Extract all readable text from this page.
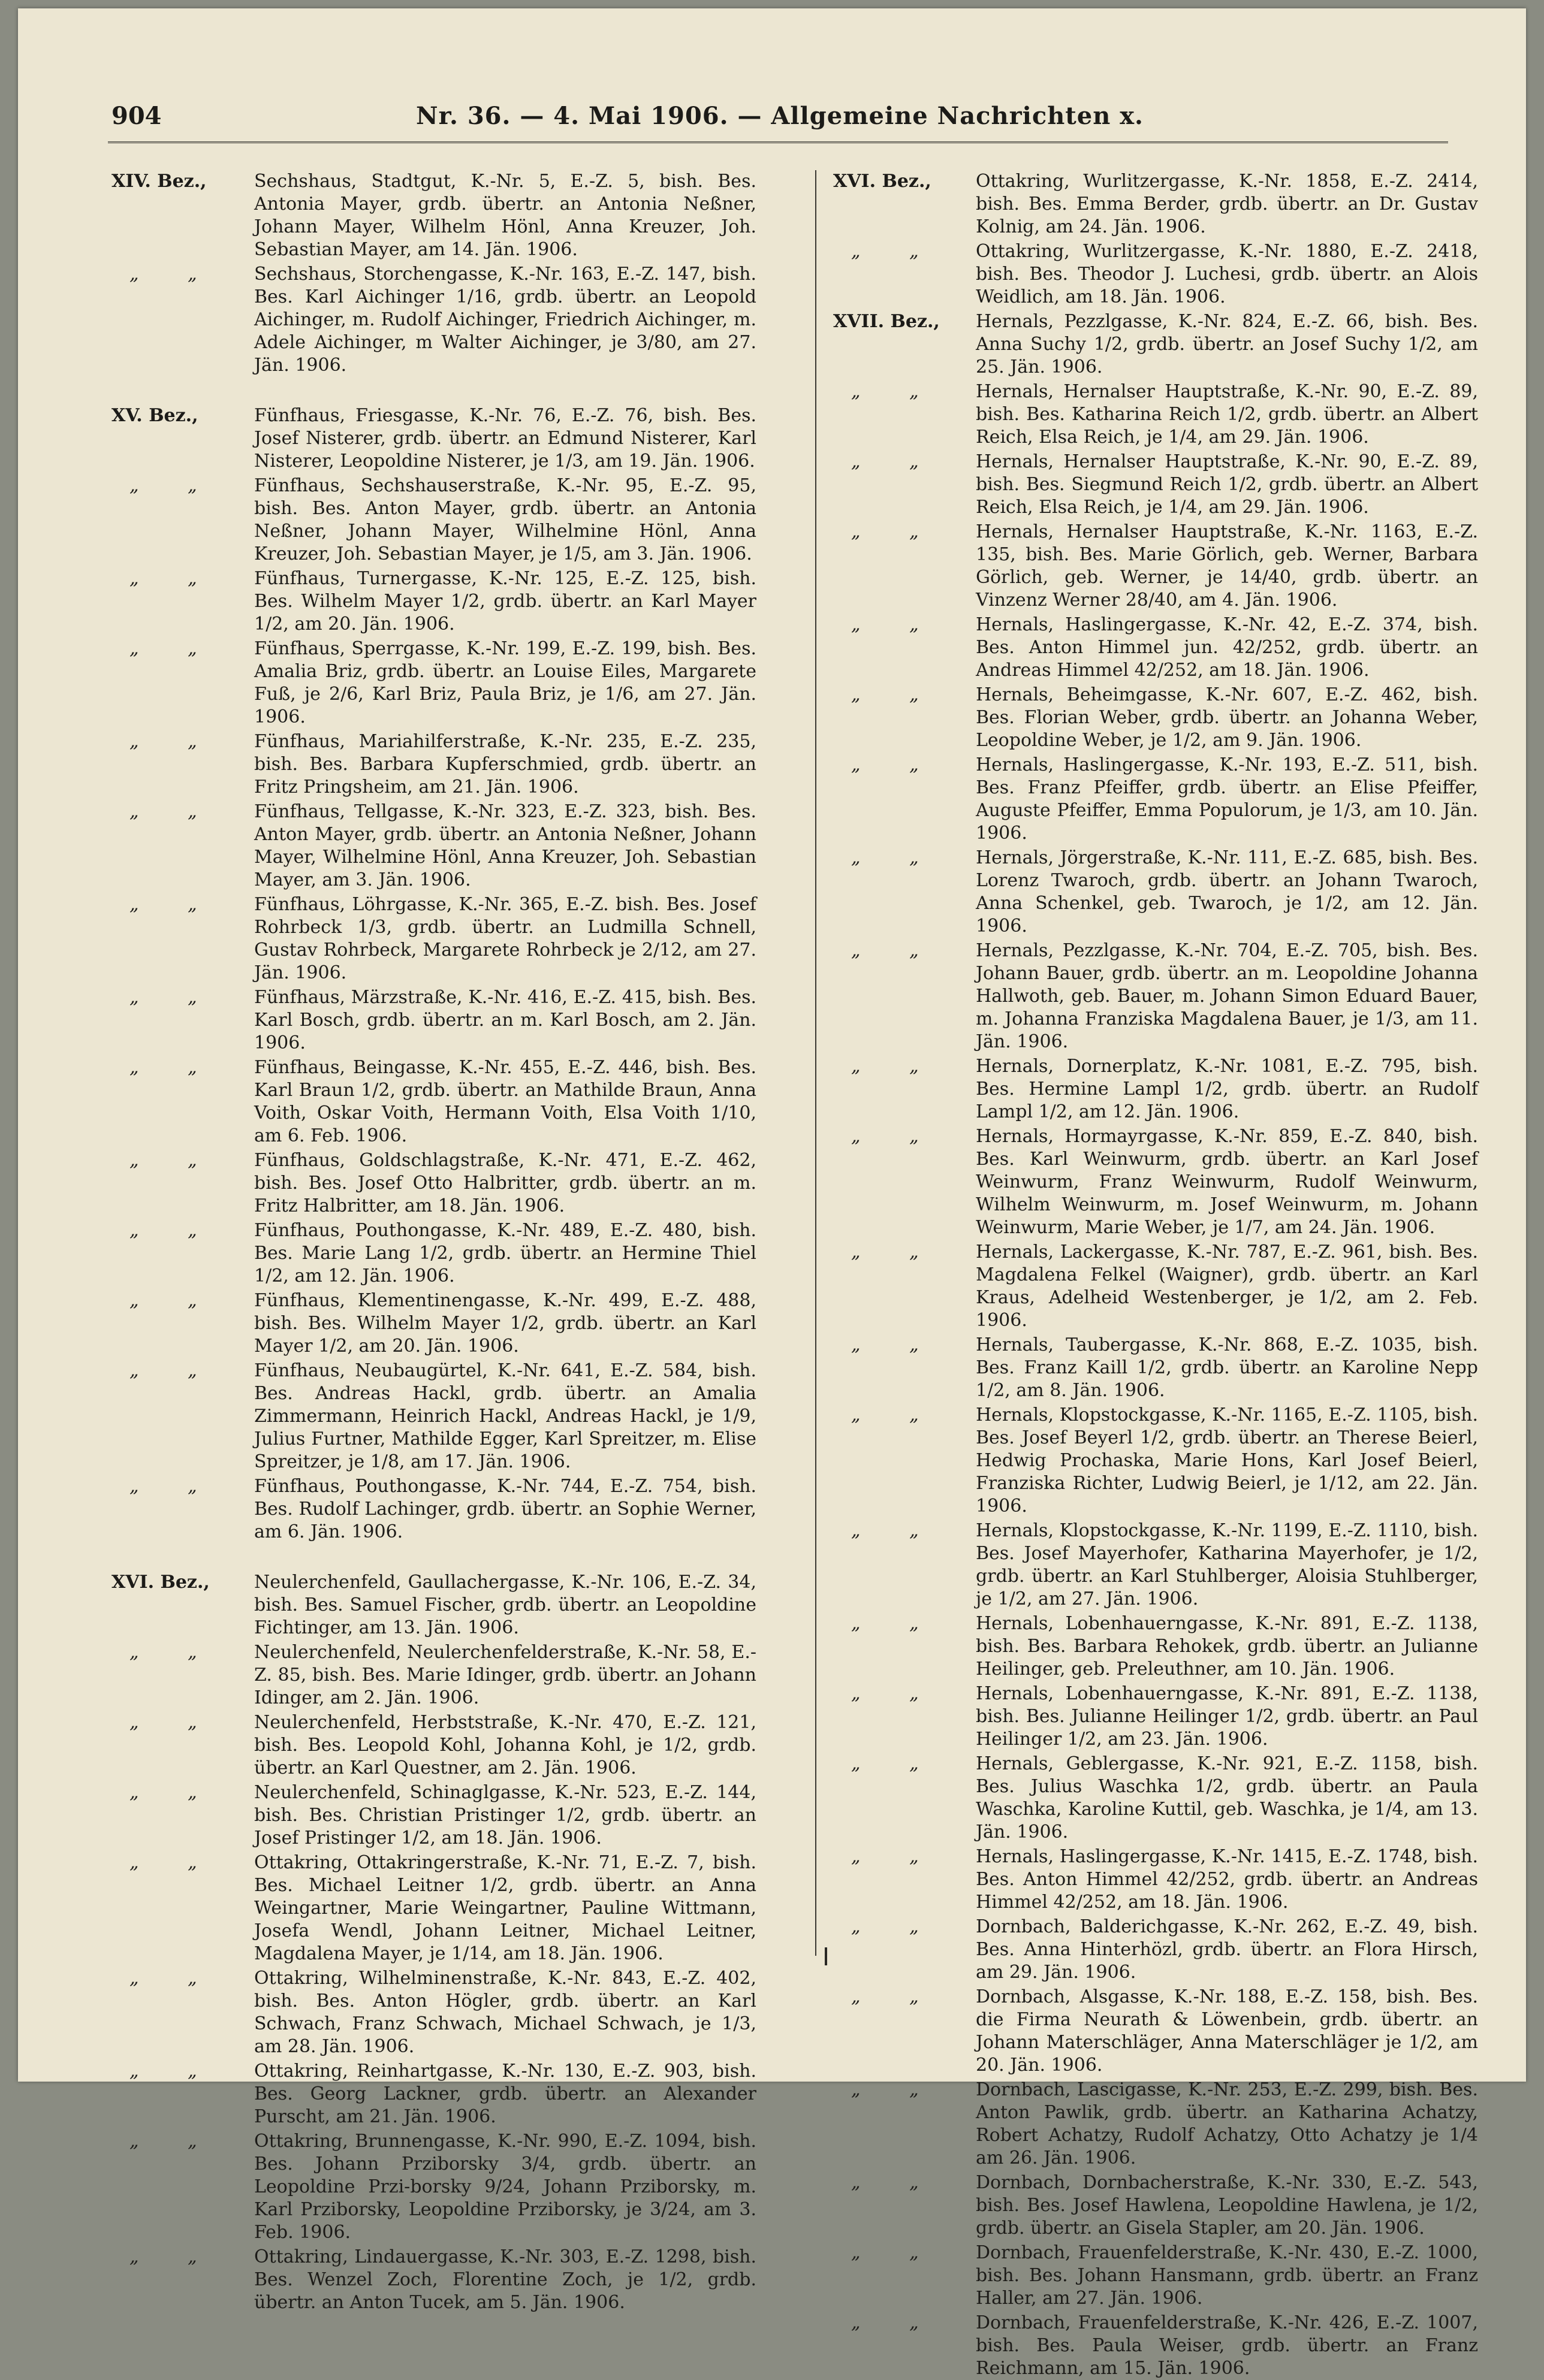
904	Nr. 36. — 4. Mai 1906. — Allgemeine Nachrichten x.
XIV. Bez.,	Sechshaus, Stadtgut, K.-Nr. 5, E.-Z. 5, bish. Bes. Antonia Mayer, grdb. übertr. an Antonia Neßner, Johann Mayer, Wilhelm Hönl, Anna Kreuzer, Joh. Sebastian Mayer, am 14. Jän. 1906.
„ „	Sechshaus, Storchengasse, K.-Nr. 163, E.-Z. 147, bish. Bes. Karl Aichinger 1/16, grdb. übertr. an Leopold Aichinger, m. Rudolf Aichinger, Friedrich Aichinger, m. Adele Aichinger, m Walter Aichinger, je 3/80, am 27. Jän. 1906.
XV. Bez.,	Fünfhaus, Friesgasse, K.-Nr. 76, E.-Z. 76, bish. Bes. Josef Nisterer, grdb. übertr. an Edmund Nisterer, Karl Nisterer, Leopoldine Nisterer, je 1/3, am 19. Jän. 1906.
„ „	Fünfhaus, Sechshauserstraße, K.-Nr. 95, E.-Z. 95, bish. Bes. Anton Mayer, grdb. übertr. an Antonia Neßner, Johann Mayer, Wilhelmine Hönl, Anna Kreuzer, Joh. Sebastian Mayer, je 1/5, am 3. Jän. 1906.
„ „	Fünfhaus, Turnergasse, K.-Nr. 125, E.-Z. 125, bish. Bes. Wilhelm Mayer 1/2, grdb. übertr. an Karl Mayer 1/2, am 20. Jän. 1906.
„ „	Fünfhaus, Sperrgasse, K.-Nr. 199, E.-Z. 199, bish. Bes. Amalia Briz, grdb. übertr. an Louise Eiles, Margarete Fuß, je 2/6, Karl Briz, Paula Briz, je 1/6, am 27. Jän. 1906.
„ „	Fünfhaus, Mariahilferstraße, K.-Nr. 235, E.-Z. 235, bish. Bes. Barbara Kupferschmied, grdb. übertr. an Fritz Pringsheim, am 21. Jän. 1906.
„ „	Fünfhaus, Tellgasse, K.-Nr. 323, E.-Z. 323, bish. Bes. Anton Mayer, grdb. übertr. an Antonia Neßner, Johann Mayer, Wilhelmine Hönl, Anna Kreuzer, Joh. Sebastian Mayer, am 3. Jän. 1906.
„ „	Fünfhaus, Löhrgasse, K.-Nr. 365, E.-Z. bish. Bes. Josef Rohrbeck 1/3, grdb. übertr. an Ludmilla Schnell, Gustav Rohrbeck, Margarete Rohrbeck je 2/12, am 27. Jän. 1906.
„ „	Fünfhaus, Märzstraße, K.-Nr. 416, E.-Z. 415, bish. Bes. Karl Bosch, grdb. übertr. an m. Karl Bosch, am 2. Jän. 1906.
„ „	Fünfhaus, Beingasse, K.-Nr. 455, E.-Z. 446, bish. Bes. Karl Braun 1/2, grdb. übertr. an Mathilde Braun, Anna Voith, Oskar Voith, Hermann Voith, Elsa Voith 1/10, am 6. Feb. 1906.
„ „	Fünfhaus, Goldschlagstraße, K.-Nr. 471, E.-Z. 462, bish. Bes. Josef Otto Halbritter, grdb. übertr. an m. Fritz Halbritter, am 18. Jän. 1906.
„ „	Fünfhaus, Pouthongasse, K.-Nr. 489, E.-Z. 480, bish. Bes. Marie Lang 1/2, grdb. übertr. an Hermine Thiel 1/2, am 12. Jän. 1906.
„ „	Fünfhaus, Klementinengasse, K.-Nr. 499, E.-Z. 488, bish. Bes. Wilhelm Mayer 1/2, grdb. übertr. an Karl Mayer 1/2, am 20. Jän. 1906.
„ „	Fünfhaus, Neubaugürtel, K.-Nr. 641, E.-Z. 584, bish. Bes. Andreas Hackl, grdb. übertr. an Amalia Zimmermann, Heinrich Hackl, Andreas Hackl, je 1/9, Julius Furtner, Mathilde Egger, Karl Spreitzer, m. Elise Spreitzer, je 1/8, am 17. Jän. 1906.
„ „	Fünfhaus, Pouthongasse, K.-Nr. 744, E.-Z. 754, bish. Bes. Rudolf Lachinger, grdb. übertr. an Sophie Werner, am 6. Jän. 1906.
XVI. Bez.,	Neulerchenfeld, Gaullachergasse, K.-Nr. 106, E.-Z. 34, bish. Bes. Samuel Fischer, grdb. übertr. an Leopoldine Fichtinger, am 13. Jän. 1906.
„ „	Neulerchenfeld, Neulerchenfelderstraße, K.-Nr. 58, E.-Z. 85, bish. Bes. Marie Idinger, grdb. übertr. an Johann Idinger, am 2. Jän. 1906.
„ „	Neulerchenfeld, Herbststraße, K.-Nr. 470, E.-Z. 121, bish. Bes. Leopold Kohl, Johanna Kohl, je 1/2, grdb. übertr. an Karl Questner, am 2. Jän. 1906.
„ „	Neulerchenfeld, Schinaglgasse, K.-Nr. 523, E.-Z. 144, bish. Bes. Christian Pristinger 1/2, grdb. übertr. an Josef Pristinger 1/2, am 18. Jän. 1906.
„ „	Ottakring, Ottakringerstraße, K.-Nr. 71, E.-Z. 7, bish. Bes. Michael Leitner 1/2, grdb. übertr. an Anna Weingartner, Marie Weingartner, Pauline Wittmann, Josefa Wendl, Johann Leitner, Michael Leitner, Magdalena Mayer, je 1/14, am 18. Jän. 1906.
„ „	Ottakring, Wilhelminenstraße, K.-Nr. 843, E.-Z. 402, bish. Bes. Anton Högler, grdb. übertr. an Karl Schwach, Franz Schwach, Michael Schwach, je 1/3, am 28. Jän. 1906.
„ „	Ottakring, Reinhartgasse, K.-Nr. 130, E.-Z. 903, bish. Bes. Georg Lackner, grdb. übertr. an Alexander Purscht, am 21. Jän. 1906.
„ „	Ottakring, Brunnengasse, K.-Nr. 990, E.-Z. 1094, bish. Bes. Johann Prziborsky 3/4, grdb. übertr. an Leopoldine Przi-borsky 9/24, Johann Prziborsky, m. Karl Prziborsky, Leopoldine Prziborsky, je 3/24, am 3. Feb. 1906.
„ „	Ottakring, Lindauergasse, K.-Nr. 303, E.-Z. 1298, bish. Bes. Wenzel Zoch, Florentine Zoch, je 1/2, grdb. übertr. an Anton Tucek, am 5. Jän. 1906.
XVI. Bez.,	Ottakring, Wurlitzergasse, K.-Nr. 1858, E.-Z. 2414, bish. Bes. Emma Berder, grdb. übertr. an Dr. Gustav Kolnig, am 24. Jän. 1906.
„ „	Ottakring, Wurlitzergasse, K.-Nr. 1880, E.-Z. 2418, bish. Bes. Theodor J. Luchesi, grdb. übertr. an Alois Weidlich, am 18. Jän. 1906.
XVII. Bez.,	Hernals, Pezzlgasse, K.-Nr. 824, E.-Z. 66, bish. Bes. Anna Suchy 1/2, grdb. übertr. an Josef Suchy 1/2, am 25. Jän. 1906.
„ „	Hernals, Hernalser Hauptstraße, K.-Nr. 90, E.-Z. 89, bish. Bes. Katharina Reich 1/2, grdb. übertr. an Albert Reich, Elsa Reich, je 1/4, am 29. Jän. 1906.
„ „	Hernals, Hernalser Hauptstraße, K.-Nr. 90, E.-Z. 89, bish. Bes. Siegmund Reich 1/2, grdb. übertr. an Albert Reich, Elsa Reich, je 1/4, am 29. Jän. 1906.
„ „	Hernals, Hernalser Hauptstraße, K.-Nr. 1163, E.-Z. 135, bish. Bes. Marie Görlich, geb. Werner, Barbara Görlich, geb. Werner, je 14/40, grdb. übertr. an Vinzenz Werner 28/40, am 4. Jän. 1906.
„ „	Hernals, Haslingergasse, K.-Nr. 42, E.-Z. 374, bish. Bes. Anton Himmel jun. 42/252, grdb. übertr. an Andreas Himmel 42/252, am 18. Jän. 1906.
„ „	Hernals, Beheimgasse, K.-Nr. 607, E.-Z. 462, bish. Bes. Florian Weber, grdb. übertr. an Johanna Weber, Leopoldine Weber, je 1/2, am 9. Jän. 1906.
„ „	Hernals, Haslingergasse, K.-Nr. 193, E.-Z. 511, bish. Bes. Franz Pfeiffer, grdb. übertr. an Elise Pfeiffer, Auguste Pfeiffer, Emma Populorum, je 1/3, am 10. Jän. 1906.
„ „	Hernals, Jörgerstraße, K.-Nr. 111, E.-Z. 685, bish. Bes. Lorenz Twaroch, grdb. übertr. an Johann Twaroch, Anna Schenkel, geb. Twaroch, je 1/2, am 12. Jän. 1906.
„ „	Hernals, Pezzlgasse, K.-Nr. 704, E.-Z. 705, bish. Bes. Johann Bauer, grdb. übertr. an m. Leopoldine Johanna Hallwoth, geb. Bauer, m. Johann Simon Eduard Bauer, m. Johanna Franziska Magdalena Bauer, je 1/3, am 11. Jän. 1906.
„ „	Hernals, Dornerplatz, K.-Nr. 1081, E.-Z. 795, bish. Bes. Hermine Lampl 1/2, grdb. übertr. an Rudolf Lampl 1/2, am 12. Jän. 1906.
„ „	Hernals, Hormayrgasse, K.-Nr. 859, E.-Z. 840, bish. Bes. Karl Weinwurm, grdb. übertr. an Karl Josef Weinwurm, Franz Weinwurm, Rudolf Weinwurm, Wilhelm Weinwurm, m. Josef Weinwurm, m. Johann Weinwurm, Marie Weber, je 1/7, am 24. Jän. 1906.
„ „	Hernals, Lackergasse, K.-Nr. 787, E.-Z. 961, bish. Bes. Magdalena Felkel (Waigner), grdb. übertr. an Karl Kraus, Adelheid Westenberger, je 1/2, am 2. Feb. 1906.
„ „	Hernals, Taubergasse, K.-Nr. 868, E.-Z. 1035, bish. Bes. Franz Kaill 1/2, grdb. übertr. an Karoline Nepp 1/2, am 8. Jän. 1906.
„ „	Hernals, Klopstockgasse, K.-Nr. 1165, E.-Z. 1105, bish. Bes. Josef Beyerl 1/2, grdb. übertr. an Therese Beierl, Hedwig Prochaska, Marie Hons, Karl Josef Beierl, Franziska Richter, Ludwig Beierl, je 1/12, am 22. Jän. 1906.
„ „	Hernals, Klopstockgasse, K.-Nr. 1199, E.-Z. 1110, bish. Bes. Josef Mayerhofer, Katharina Mayerhofer, je 1/2, grdb. übertr. an Karl Stuhlberger, Aloisia Stuhlberger, je 1/2, am 27. Jän. 1906.
„ „	Hernals, Lobenhauerngasse, K.-Nr. 891, E.-Z. 1138, bish. Bes. Barbara Rehokek, grdb. übertr. an Julianne Heilinger, geb. Preleuthner, am 10. Jän. 1906.
„ „	Hernals, Lobenhauerngasse, K.-Nr. 891, E.-Z. 1138, bish. Bes. Julianne Heilinger 1/2, grdb. übertr. an Paul Heilinger 1/2, am 23. Jän. 1906.
„ „	Hernals, Geblergasse, K.-Nr. 921, E.-Z. 1158, bish. Bes. Julius Waschka 1/2, grdb. übertr. an Paula Waschka, Karoline Kuttil, geb. Waschka, je 1/4, am 13. Jän. 1906.
„ „	Hernals, Haslingergasse, K.-Nr. 1415, E.-Z. 1748, bish. Bes. Anton Himmel 42/252, grdb. übertr. an Andreas Himmel 42/252, am 18. Jän. 1906.
„ „	Dornbach, Balderichgasse, K.-Nr. 262, E.-Z. 49, bish. Bes. Anna Hinterhözl, grdb. übertr. an Flora Hirsch, am 29. Jän. 1906.
„ „	Dornbach, Alsgasse, K.-Nr. 188, E.-Z. 158, bish. Bes. die Firma Neurath & Löwenbein, grdb. übertr. an Johann Materschläger, Anna Materschläger je 1/2, am 20. Jän. 1906.
„ „	Dornbach, Lascigasse, K.-Nr. 253, E.-Z. 299, bish. Bes. Anton Pawlik, grdb. übertr. an Katharina Achatzy, Robert Achatzy, Rudolf Achatzy, Otto Achatzy je 1/4 am 26. Jän. 1906.
„ „	Dornbach, Dornbacherstraße, K.-Nr. 330, E.-Z. 543, bish. Bes. Josef Hawlena, Leopoldine Hawlena, je 1/2, grdb. übertr. an Gisela Stapler, am 20. Jän. 1906.
„ „	Dornbach, Frauenfelderstraße, K.-Nr. 430, E.-Z. 1000, bish. Bes. Johann Hansmann, grdb. übertr. an Franz Haller, am 27. Jän. 1906.
„ „	Dornbach, Frauenfelderstraße, K.-Nr. 426, E.-Z. 1007, bish. Bes. Paula Weiser, grdb. übertr. an Franz Reichmann, am 15. Jän. 1906.
